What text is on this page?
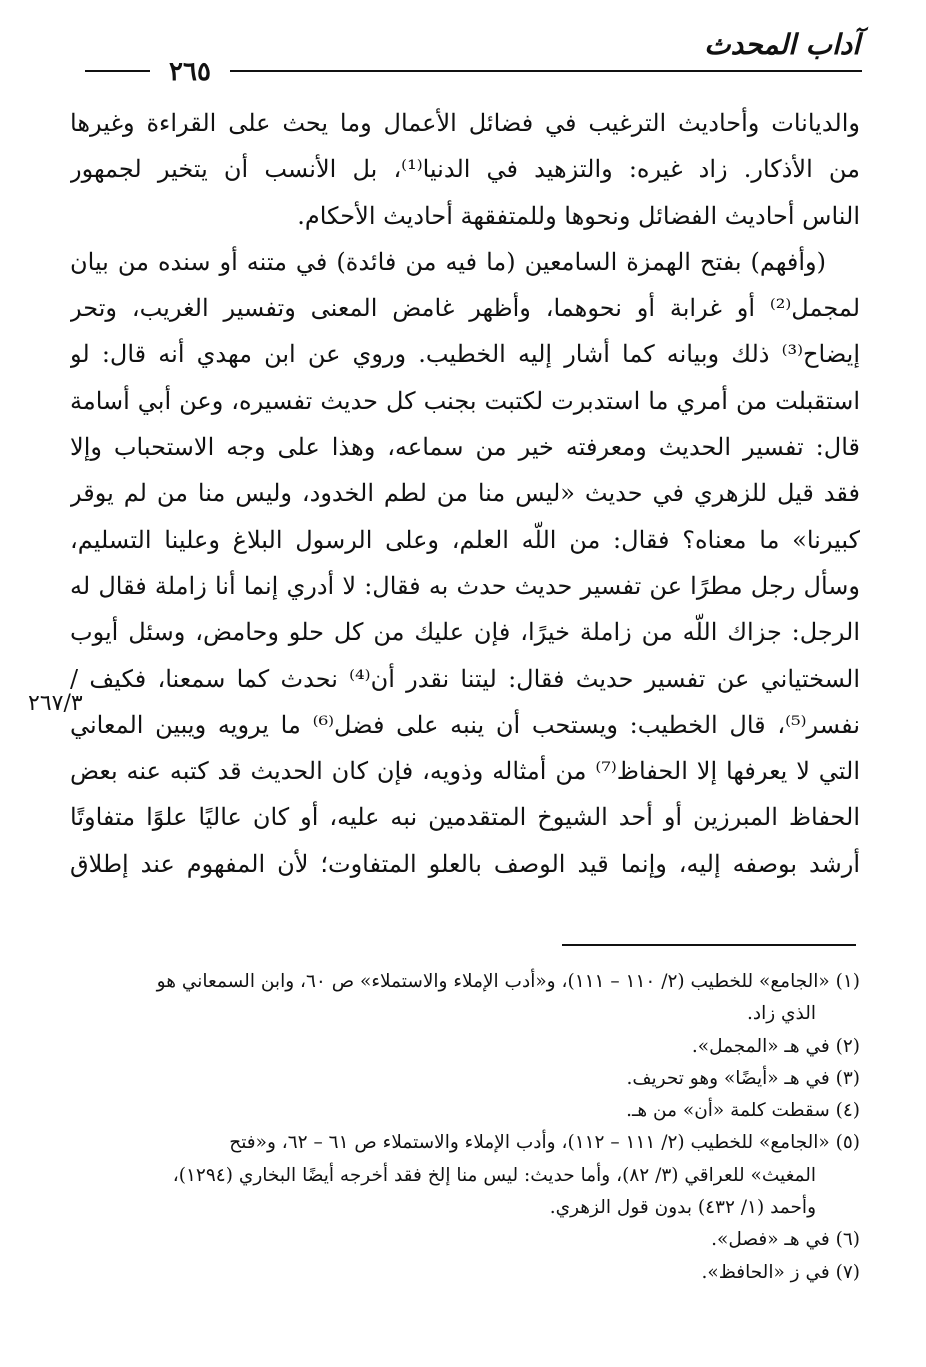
آداب المحدث
٢٦٥
والديانات وأحاديث الترغيب في فضائل الأعمال وما يحث على القراءة وغيرها
من الأذكار. زاد غيره: والتزهيد في الدنيا⁽¹⁾، بل الأنسب أن يتخير لجمهور
الناس أحاديث الفضائل ونحوها وللمتفقهة أحاديث الأحكام.
(وأفهم) بفتح الهمزة السامعين (ما فيه من فائدة) في متنه أو سنده من بيان
لمجمل⁽²⁾ أو غرابة أو نحوهما، وأظهر غامض المعنى وتفسير الغريب، وتحر
إيضاح⁽³⁾ ذلك وبيانه كما أشار إليه الخطيب. وروي عن ابن مهدي أنه قال: لو
استقبلت من أمري ما استدبرت لكتبت بجنب كل حديث تفسيره، وعن أبي أسامة
قال: تفسير الحديث ومعرفته خير من سماعه، وهذا على وجه الاستحباب وإلا
فقد قيل للزهري في حديث «ليس منا من لطم الخدود، وليس منا من لم يوقر
كبيرنا» ما معناه؟ فقال: من اللّه العلم، وعلى الرسول البلاغ وعلينا التسليم،
وسأل رجل مطرًا عن تفسير حديث حدث به فقال: لا أدري إنما أنا زاملة فقال له
الرجل: جزاك اللّه من زاملة خيرًا، فإن عليك من كل حلو وحامض، وسئل أيوب
السختياني عن تفسير حديث فقال: ليتنا نقدر أن⁽⁴⁾ نحدث كما سمعنا، فكيف /
نفسر⁽⁵⁾، قال الخطيب: ويستحب أن ينبه على فضل⁽⁶⁾ ما يرويه ويبين المعاني
التي لا يعرفها إلا الحفاظ⁽⁷⁾ من أمثاله وذويه، فإن كان الحديث قد كتبه عنه بعض
الحفاظ المبرزين أو أحد الشيوخ المتقدمين نبه عليه، أو كان عاليًا علوًا متفاوتًا
أرشد بوصفه إليه، وإنما قيد الوصف بالعلو المتفاوت؛ لأن المفهوم عند إطلاق
٢٦٧/٣
(١) «الجامع» للخطيب (٢/ ١١٠ – ١١١)، و«أدب الإملاء والاستملاء» ص ٦٠، وابن السمعاني هو
الذي زاد.
(٢) في هـ «المجمل».
(٣) في هـ «أيضًا» وهو تحريف.
(٤) سقطت كلمة «أن» من هـ.
(٥) «الجامع» للخطيب (٢/ ١١١ – ١١٢)، وأدب الإملاء والاستملاء ص ٦١ – ٦٢، و«فتح
المغيث» للعراقي (٣/ ٨٢)، وأما حديث: ليس منا إلخ فقد أخرجه أيضًا البخاري (١٢٩٤)،
وأحمد (١/ ٤٣٢) بدون قول الزهري.
(٦) في هـ «فصل».
(٧) في ز «الحافظ».
